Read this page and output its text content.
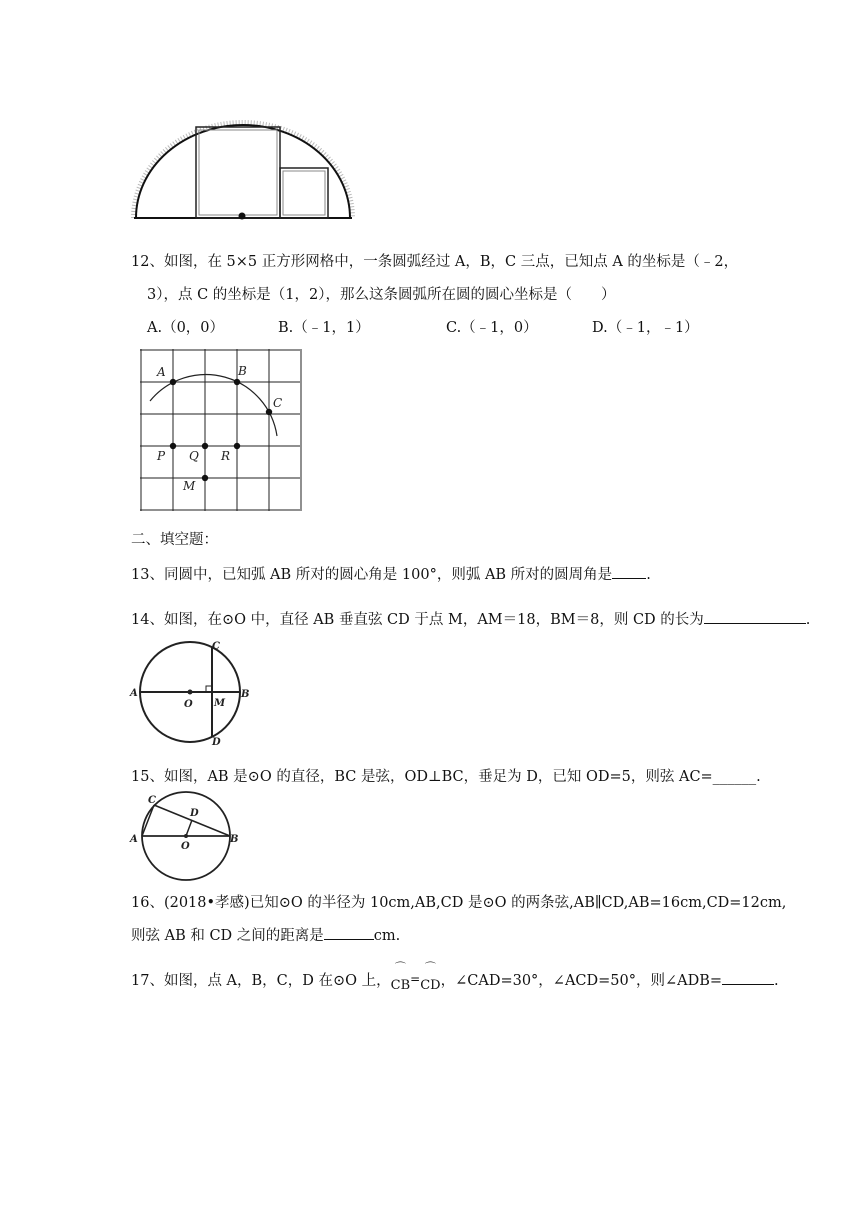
12、如图，在 5×5 正方形网格中，一条圆弧经过 A，B，C 三点，已知点 A 的坐标是（﹣2，
3），点 C 的坐标是（1，2），那么这条圆弧所在圆的圆心坐标是（　　）
A.（0，0）	B.（﹣1，1）	C.（﹣1，0）	D.（﹣1，﹣1）
A	B
C
P Q R
M
二、填空题：
13、同圆中，已知弧 AB 所对的圆心角是 100°，则弧 AB 所对的圆周角是 .
14、如图，在⊙O 中，直径 AB 垂直弦 CD 于点 M，AM＝18，BM＝8，则 CD 的长为	.
A	B
C
D
O M
15、如图，AB 是⊙O 的直径，BC 是弦，OD⊥BC，垂足为 D，已知 OD=5，则弦 AC=______.
C
D
A	B
O
16、(2018•孝感)已知⊙O 的半径为 10cm,AB,CD 是⊙O 的两条弦,AB∥CD,AB=16cm,CD=12cm,
则弦 AB 和 CD 之间的距离是	cm.
17、如图，点 A，B，C，D 在⊙O 上，
⌒
CB=
⌒
CD，∠CAD=30°，∠ACD=50°，则∠ADB=	.
